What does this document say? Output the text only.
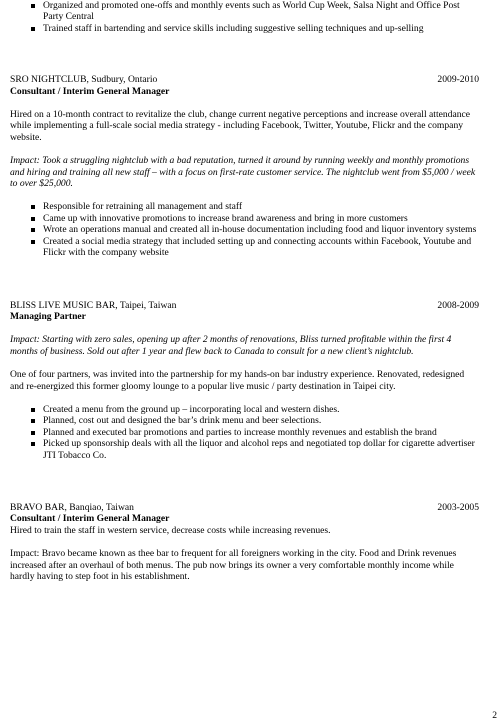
Organized and promoted one-offs and monthly events such as World Cup Week, Salsa Night and Office Post Party Central
Trained staff in bartending and service skills including suggestive selling techniques and up-selling
SRO NIGHTCLUB, Sudbury, Ontario	2009-2010
Consultant / Interim General Manager

Hired on a 10-month contract to revitalize the club, change current negative perceptions and increase overall attendance while implementing a full-scale social media strategy - including Facebook, Twitter, Youtube, Flickr and the company website.

Impact: Took a struggling nightclub with a bad reputation, turned it around by running weekly and monthly promotions and hiring and training all new staff – with a focus on first-rate customer service. The nightclub went from $5,000 / week to over $25,000.

Responsible for retraining all management and staff
Came up with innovative promotions to increase brand awareness and bring in more customers
Wrote an operations manual and created all in-house documentation including food and liquor inventory systems
Created a social media strategy that included setting up and connecting accounts within Facebook, Youtube and Flickr with the company website
BLISS LIVE MUSIC BAR, Taipei, Taiwan	2008-2009
Managing Partner

Impact: Starting with zero sales, opening up after 2 months of renovations, Bliss turned profitable within the first 4 months of business. Sold out after 1 year and flew back to Canada to consult for a new client’s nightclub.

One of four partners, was invited into the partnership for my hands-on bar industry experience. Renovated, redesigned and re-energized this former gloomy lounge to a popular live music / party destination in Taipei city.

Created a menu from the ground up – incorporating local and western dishes.
Planned, cost out and designed the bar’s drink menu and beer selections.
Planned and executed bar promotions and parties to increase monthly revenues and establish the brand
Picked up sponsorship deals with all the liquor and alcohol reps and negotiated top dollar for cigarette advertiser JTI Tobacco Co.
BRAVO BAR, Banqiao, Taiwan	2003-2005
Consultant / Interim General Manager

Hired to train the staff in western service, decrease costs while increasing revenues.

Impact: Bravo became known as thee bar to frequent for all foreigners working in the city. Food and Drink revenues increased after an overhaul of both menus. The pub now brings its owner a very comfortable monthly income while hardly having to step foot in his establishment.

2
